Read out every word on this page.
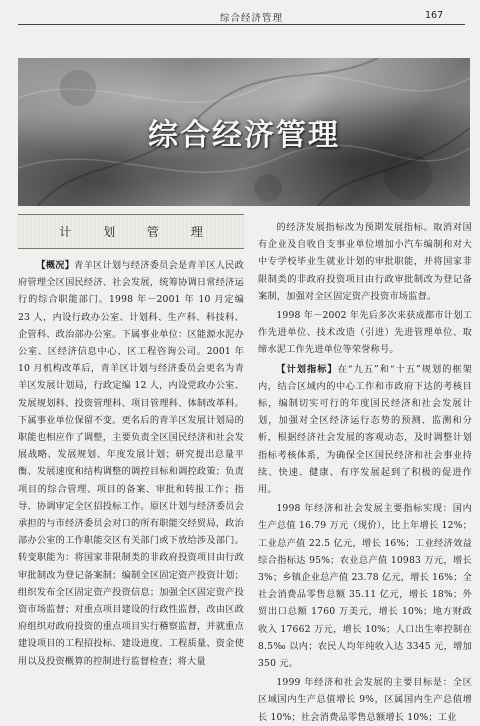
综合经济管理	167
综合经济管理
计 划 管 理

【概况】青羊区计划与经济委员会是青羊区人民政府管理全区国民经济、社会发展，统筹协调日常经济运行的综合职能部门。1998 年－2001 年 10 月定编 23 人，内设行政办公室、计划科、生产科、科技科、企管科、政治部办公室。下属事业单位：区能源水泥办公室、区经济信息中心、区工程咨询公司。2001 年 10 月机构改革后，青羊区计划与经济委员会更名为青羊区发展计划局，行政定编 12 人，内设党政办公室、发展规划科、投资管理科、项目管理科、体制改革科。下属事业单位保留不变。更名后的青羊区发展计划局的职能也相应作了调整，主要负责全区国民经济和社会发展战略、发展规划、年度发展计划；研究提出总量平衡、发展速度和结构调整的调控目标和调控政策；负责项目的综合管理、项目的备案、审批和转报工作；指导、协调审定全区招投标工作。原区计划与经济委员会承担的与市经济委员会对口的所有职能交经贸局，政治部办公室的工作职能交区有关部门或下放给涉及部门。转变职能为：将国家非限制类的非政府投资项目由行政审批制改为登记备案制；编制全区固定资产投资计划；组织发布全区固定资产投资信息；加强全区固定资产投资市场监督；对重点项目建设的行政性监督，改由区政府组织对政府投资的重点项目实行稽察监督，并就重点建设项目的工程招投标、建设进度、工程质量、资金使用以及投资概算的控制进行监督检查；将大量

的经济发展指标改为预期发展指标。取消对国有企业及自收自支事业单位增加小汽车编制和对大中专学校毕业生就业计划的审批职能，并将国家非限制类的非政府投资项目由行政审批制改为登记备案制，加强对全区固定资产投资市场监督。

1998 年－2002 年先后多次来获成都市计划工作先进单位、技术改造（引进）先进管理单位、取缔水泥工作先进单位等荣誉称号。

【计划指标】在“九五”和“十五”规划的框架内，结合区域内的中心工作和市政府下达的考核目标，编制切实可行的年度国民经济和社会发展计划，加强对全区经济运行态势的预测、监测和分析，根据经济社会发展的客观动态，及时调整计划指标考核体系，为确保全区国民经济和社会事业持续、快速、健康、有序发展起到了积极的促进作用。

1998 年经济和社会发展主要指标实现：国内生产总值 16.79 万元（现价），比上年增长 12%；工业总产值 22.5 亿元，增长 16%；工业经济效益综合指标达 95%；农业总产值 10983 万元，增长 3%；乡镇企业总产值 23.78 亿元，增长 16%；全社会消费品零售总额 35.11 亿元，增长 18%；外贸出口总额 1760 万美元，增长 10%；地方财政收入 17662 万元，增长 10%；人口出生率控制在 8.5‰ 以内；农民人均年纯收入达 3345 元，增加 350 元。

1999 年经济和社会发展的主要目标是：全区区域国内生产总值增长 9%，区属国内生产总值增长 10%；社会消费品零售总额增长 10%；工业
